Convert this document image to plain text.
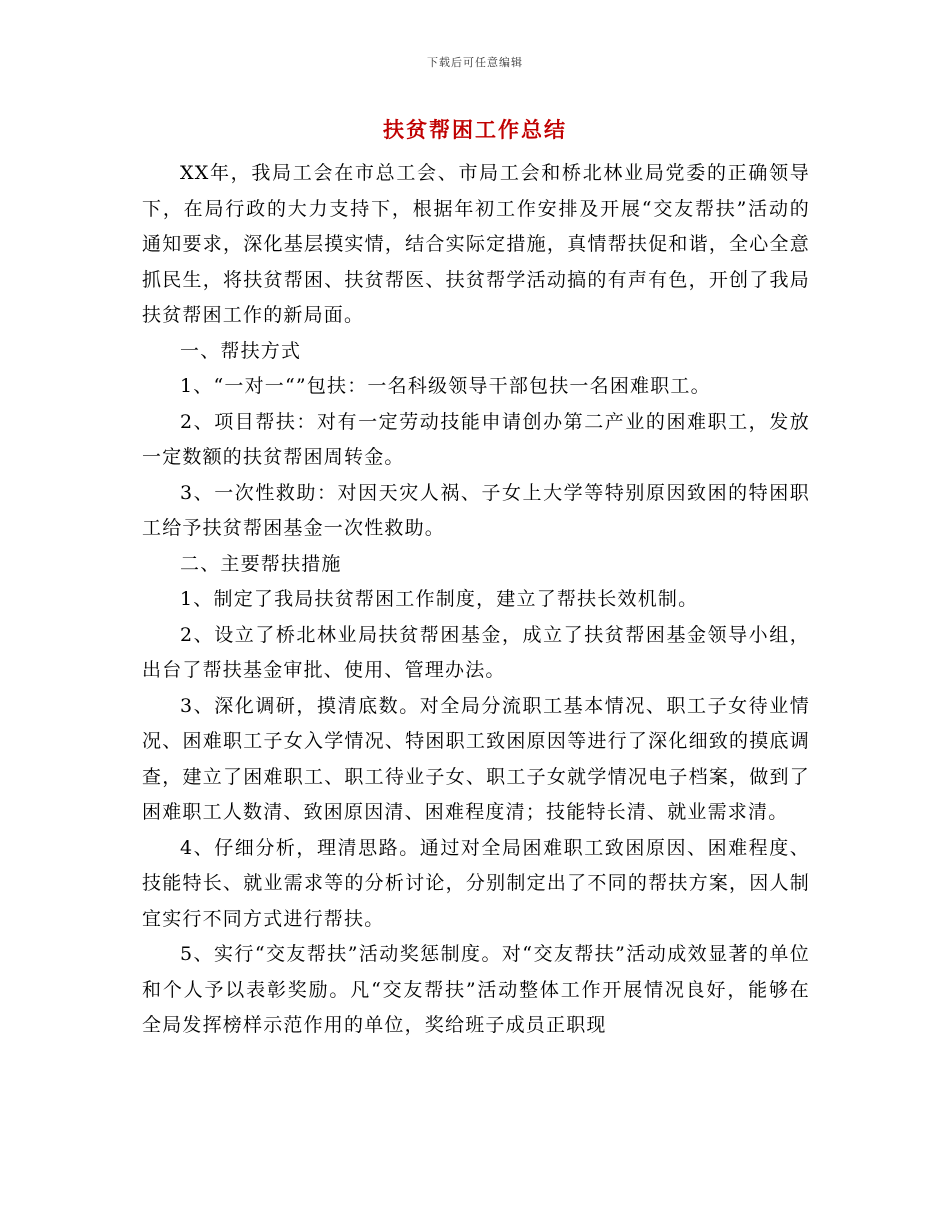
下载后可任意编辑
扶贫帮困工作总结

XX年，我局工会在市总工会、市局工会和桥北林业局党委的正确领导下，在局行政的大力支持下，根据年初工作安排及开展“交友帮扶”活动的通知要求，深化基层摸实情，结合实际定措施，真情帮扶促和谐，全心全意抓民生，将扶贫帮困、扶贫帮医、扶贫帮学活动搞的有声有色，开创了我局扶贫帮困工作的新局面。

一、帮扶方式

1、“一对一“”包扶：一名科级领导干部包扶一名困难职工。

2、项目帮扶：对有一定劳动技能申请创办第二产业的困难职工，发放一定数额的扶贫帮困周转金。

3、一次性救助：对因天灾人祸、子女上大学等特别原因致困的特困职工给予扶贫帮困基金一次性救助。

二、主要帮扶措施

1、制定了我局扶贫帮困工作制度，建立了帮扶长效机制。

2、设立了桥北林业局扶贫帮困基金，成立了扶贫帮困基金领导小组，出台了帮扶基金审批、使用、管理办法。

3、深化调研，摸清底数。对全局分流职工基本情况、职工子女待业情况、困难职工子女入学情况、特困职工致困原因等进行了深化细致的摸底调查，建立了困难职工、职工待业子女、职工子女就学情况电子档案，做到了困难职工人数清、致困原因清、困难程度清；技能特长清、就业需求清。

4、仔细分析，理清思路。通过对全局困难职工致困原因、困难程度、技能特长、就业需求等的分析讨论，分别制定出了不同的帮扶方案，因人制宜实行不同方式进行帮扶。

5、实行“交友帮扶”活动奖惩制度。对“交友帮扶”活动成效显著的单位和个人予以表彰奖励。凡“交友帮扶”活动整体工作开展情况良好，能够在全局发挥榜样示范作用的单位，奖给班子成员正职现
